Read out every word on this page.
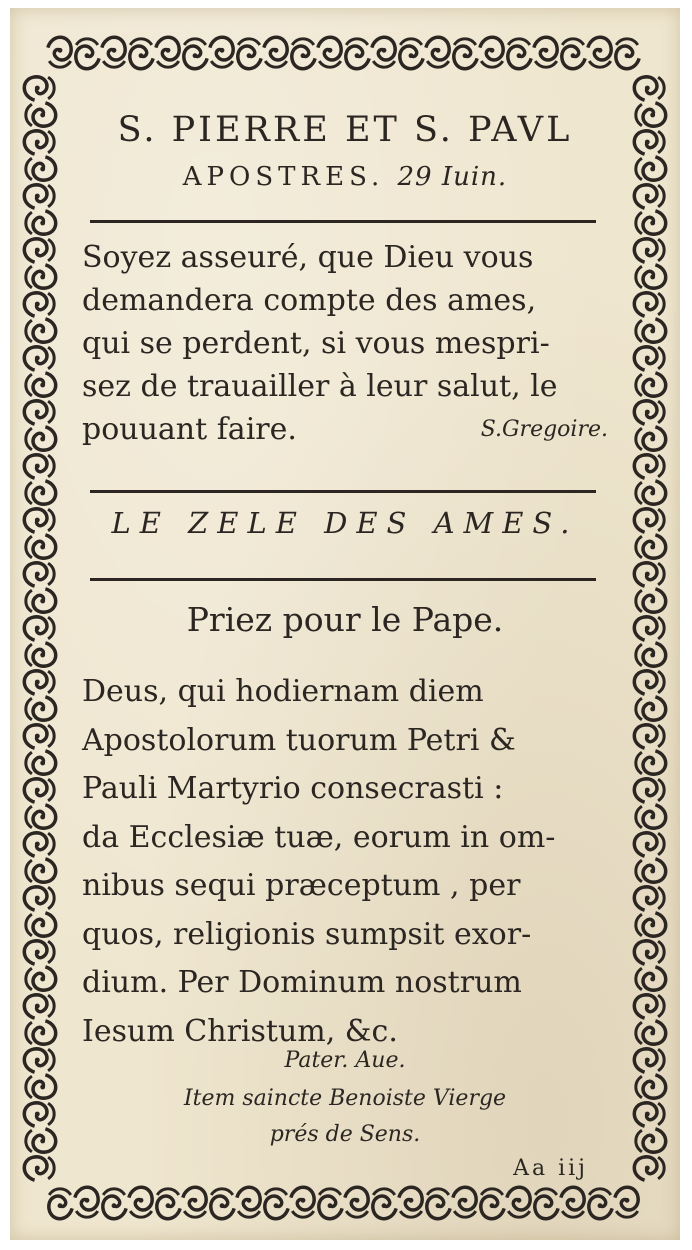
S. PIERRE ET S. PAVL
APOSTRES. 29 Iuin.
Soyez asseuré, que Dieu vous
demandera compte des ames,
qui se perdent, si vous mespri-
sez de trauailler à leur salut, le
pouuant faire.	S.Gregoire.
LE ZELE DES AMES.
Priez pour le Pape.
Deus, qui hodiernam diem
Apostolorum tuorum Petri &
Pauli Martyrio consecrasti :
da Ecclesiæ tuæ, eorum in om-
nibus sequi præceptum , per
quos, religionis sumpsit exor-
dium. Per Dominum nostrum
Iesum Christum, &c.
Pater. Aue.
Item saincte Benoiste Vierge
prés de Sens.
Aa iij
